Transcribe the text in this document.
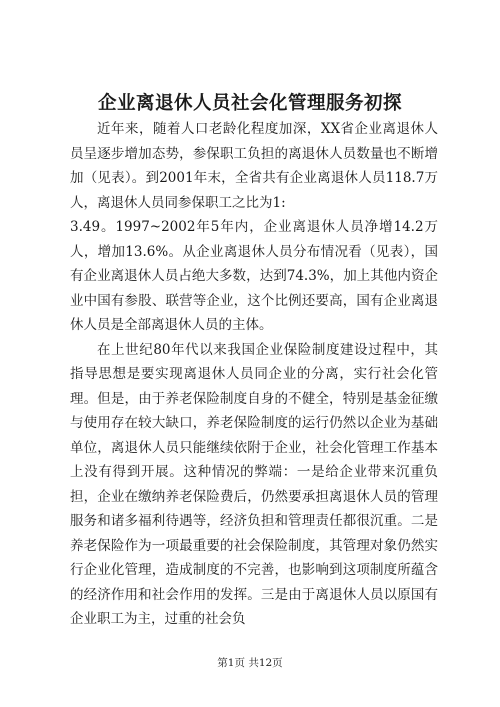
企业离退休人员社会化管理服务初探

近年来，随着人口老龄化程度加深，XX省企业离退休人员呈逐步增加态势，参保职工负担的离退休人员数量也不断增加（见表）。到2001年末，全省共有企业离退休人员118.7万人，离退休人员同参保职工之比为1:

3.49。1997~2002年5年内，企业离退休人员净增14.2万人，增加13.6%。从企业离退休人员分布情况看（见表），国有企业离退休人员占绝大多数，达到74.3%，加上其他内资企业中国有参股、联营等企业，这个比例还要高，国有企业离退休人员是全部离退休人员的主体。

在上世纪80年代以来我国企业保险制度建设过程中，其指导思想是要实现离退休人员同企业的分离，实行社会化管理。但是，由于养老保险制度自身的不健全，特别是基金征缴与使用存在较大缺口，养老保险制度的运行仍然以企业为基础单位，离退休人员只能继续依附于企业，社会化管理工作基本上没有得到开展。这种情况的弊端：一是给企业带来沉重负担，企业在缴纳养老保险费后，仍然要承担离退休人员的管理服务和诸多福利待遇等，经济负担和管理责任都很沉重。二是养老保险作为一项最重要的社会保险制度，其管理对象仍然实行企业化管理，造成制度的不完善，也影响到这项制度所蕴含的经济作用和社会作用的发挥。三是由于离退休人员以原国有企业职工为主，过重的社会负

第1页 共12页
